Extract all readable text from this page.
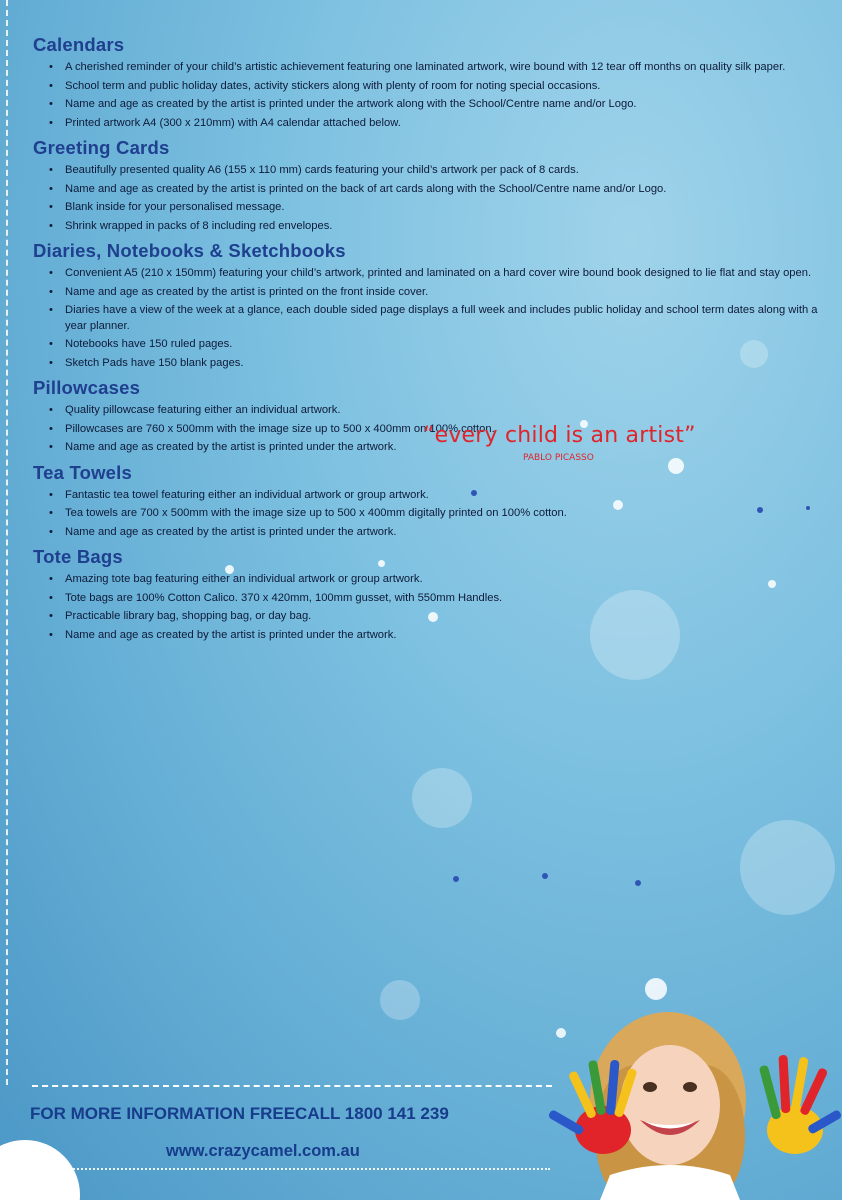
Calendars
• A cherished reminder of your child’s artistic achievement featuring one laminated artwork, wire bound with 12 tear off months on quality silk paper.
• School term and public holiday dates, activity stickers along with plenty of room for noting special occasions.
• Name and age as created by the artist is printed under the artwork along with the School/Centre name and/or Logo.
• Printed artwork A4 (300 x 210mm) with A4 calendar attached below.
Greeting Cards
• Beautifully presented quality A6 (155 x 110 mm) cards featuring your child’s artwork per pack of 8 cards.
• Name and age as created by the artist is printed on the back of art cards along with the School/Centre name and/or Logo.
• Blank inside for your personalised message.
• Shrink wrapped in packs of 8 including red envelopes.
Diaries, Notebooks & Sketchbooks
• Convenient A5 (210 x 150mm) featuring your child’s artwork, printed and laminated on a hard cover wire bound book designed to lie flat and stay open.
• Name and age as created by the artist is printed on the front inside cover.
• Diaries have a view of the week at a glance, each double sided page displays a full week and includes public holiday and school term dates along with a year planner.
• Notebooks have 150 ruled pages.
• Sketch Pads have 150 blank pages.
Pillowcases
• Quality pillowcase featuring either an individual artwork.
• Pillowcases are 760 x 500mm with the image size up to 500 x 400mm on 100% cotton.
• Name and age as created by the artist is printed under the artwork.
Tea Towels
• Fantastic tea towel featuring either an individual artwork or group artwork.
• Tea towels are 700 x 500mm with the image size up to 500 x 400mm digitally printed on 100% cotton.
• Name and age as created by the artist is printed under the artwork.
Tote Bags
• Amazing tote bag featuring either an individual artwork or group artwork.
• Tote bags are 100% Cotton Calico. 370 x 420mm, 100mm gusset, with 550mm Handles.
• Practicable library bag, shopping bag, or day bag.
• Name and age as created by the artist is printed under the artwork.
“every child is an artist”
PABLO PICASSO
FOR MORE INFORMATION FREECALL 1800 141 239
www.crazycamel.com.au
